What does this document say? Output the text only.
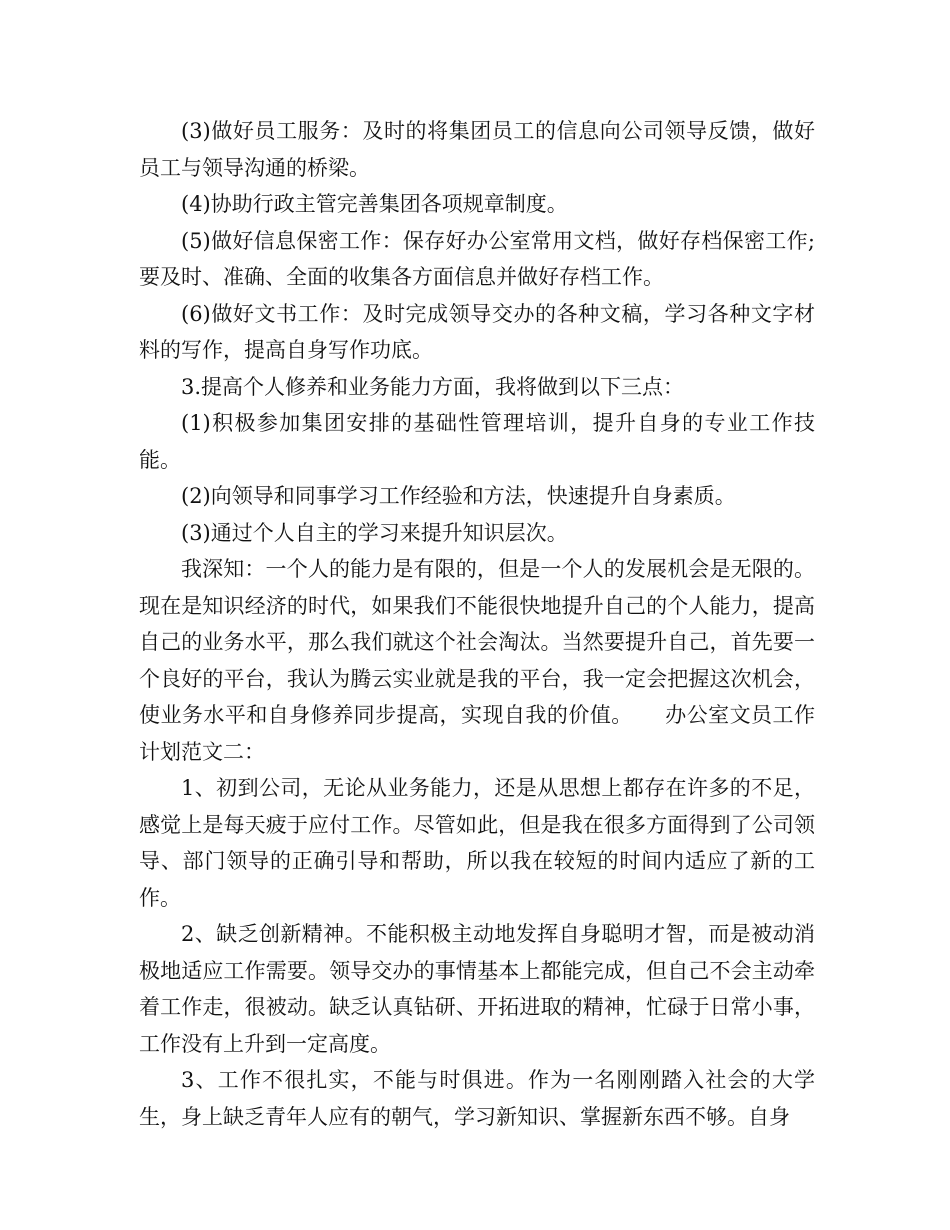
(3)做好员工服务：及时的将集团员工的信息向公司领导反馈，做好员工与领导沟通的桥梁。

(4)协助行政主管完善集团各项规章制度。

(5)做好信息保密工作：保存好办公室常用文档，做好存档保密工作;要及时、准确、全面的收集各方面信息并做好存档工作。

(6)做好文书工作：及时完成领导交办的各种文稿，学习各种文字材料的写作，提高自身写作功底。

3.提高个人修养和业务能力方面，我将做到以下三点：

(1)积极参加集团安排的基础性管理培训，提升自身的专业工作技能。

(2)向领导和同事学习工作经验和方法，快速提升自身素质。

(3)通过个人自主的学习来提升知识层次。

我深知：一个人的能力是有限的，但是一个人的发展机会是无限的。现在是知识经济的时代，如果我们不能很快地提升自己的个人能力，提高自己的业务水平，那么我们就这个社会淘汰。当然要提升自己，首先要一个良好的平台，我认为腾云实业就是我的平台，我一定会把握这次机会，使业务水平和自身修养同步提高，实现自我的价值。　　办公室文员工作计划范文二：

1、初到公司，无论从业务能力，还是从思想上都存在许多的不足，感觉上是每天疲于应付工作。尽管如此，但是我在很多方面得到了公司领导、部门领导的正确引导和帮助，所以我在较短的时间内适应了新的工作。

2、缺乏创新精神。不能积极主动地发挥自身聪明才智，而是被动消极地适应工作需要。领导交办的事情基本上都能完成，但自己不会主动牵着工作走，很被动。缺乏认真钻研、开拓进取的精神，忙碌于日常小事，工作没有上升到一定高度。

3、工作不很扎实，不能与时俱进。作为一名刚刚踏入社会的大学生，身上缺乏青年人应有的朝气，学习新知识、掌握新东西不够。自身
